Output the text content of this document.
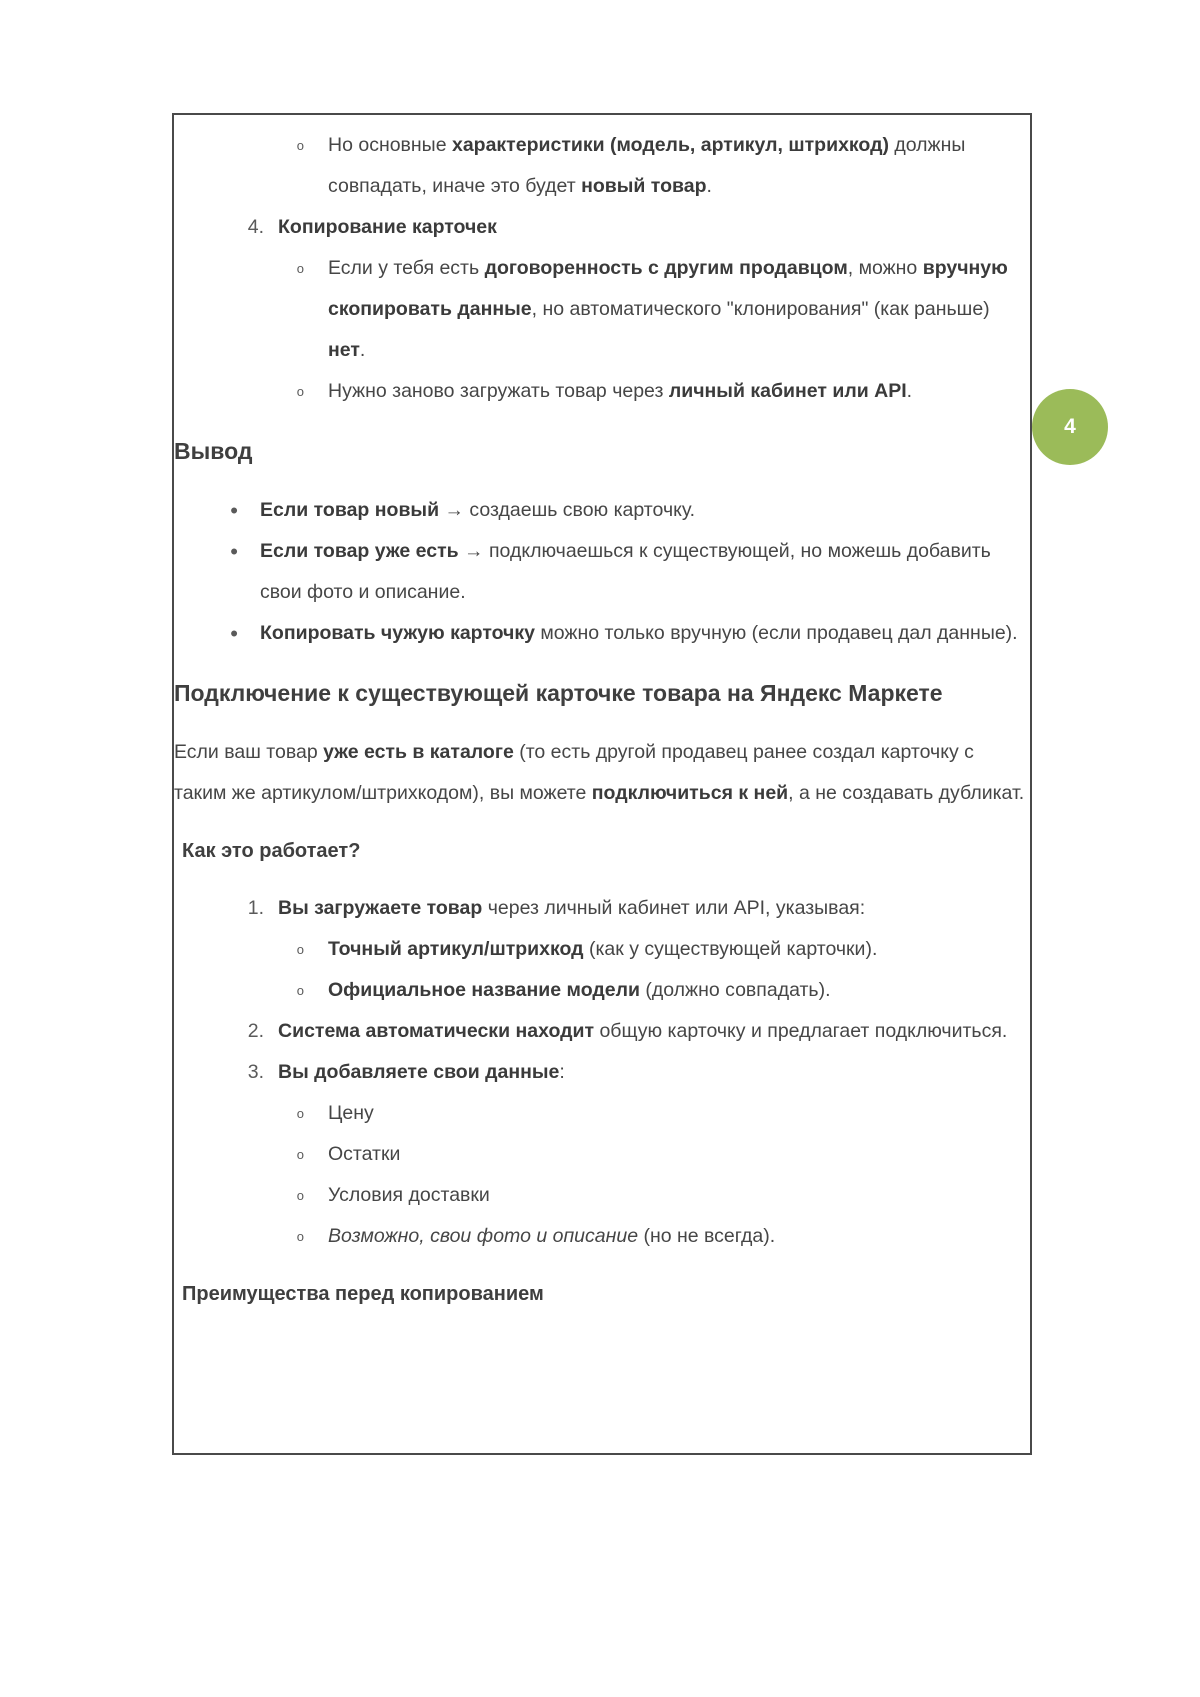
o Но основные характеристики (модель, артикул, штрихкод) должны совпадать, иначе это будет новый товар.
4. Копирование карточек
o Если у тебя есть договоренность с другим продавцом, можно вручную скопировать данные, но автоматического "клонирования" (как раньше) нет.
o Нужно заново загружать товар через личный кабинет или API.
Вывод
• Если товар новый → создаешь свою карточку.
• Если товар уже есть → подключаешься к существующей, но можешь добавить свои фото и описание.
• Копировать чужую карточку можно только вручную (если продавец дал данные).
Подключение к существующей карточке товара на Яндекс Маркете

Если ваш товар уже есть в каталоге (то есть другой продавец ранее создал карточку с таким же артикулом/штрихкодом), вы можете подключиться к ней, а не создавать дубликат.

Как это работает?
1. Вы загружаете товар через личный кабинет или API, указывая:
o Точный артикул/штрихкод (как у существующей карточки).
o Официальное название модели (должно совпадать).
2. Система автоматически находит общую карточку и предлагает подключиться.
3. Вы добавляете свои данные:
o Цену
o Остатки
o Условия доставки
o Возможно, свои фото и описание (но не всегда).
Преимущества перед копированием
4
